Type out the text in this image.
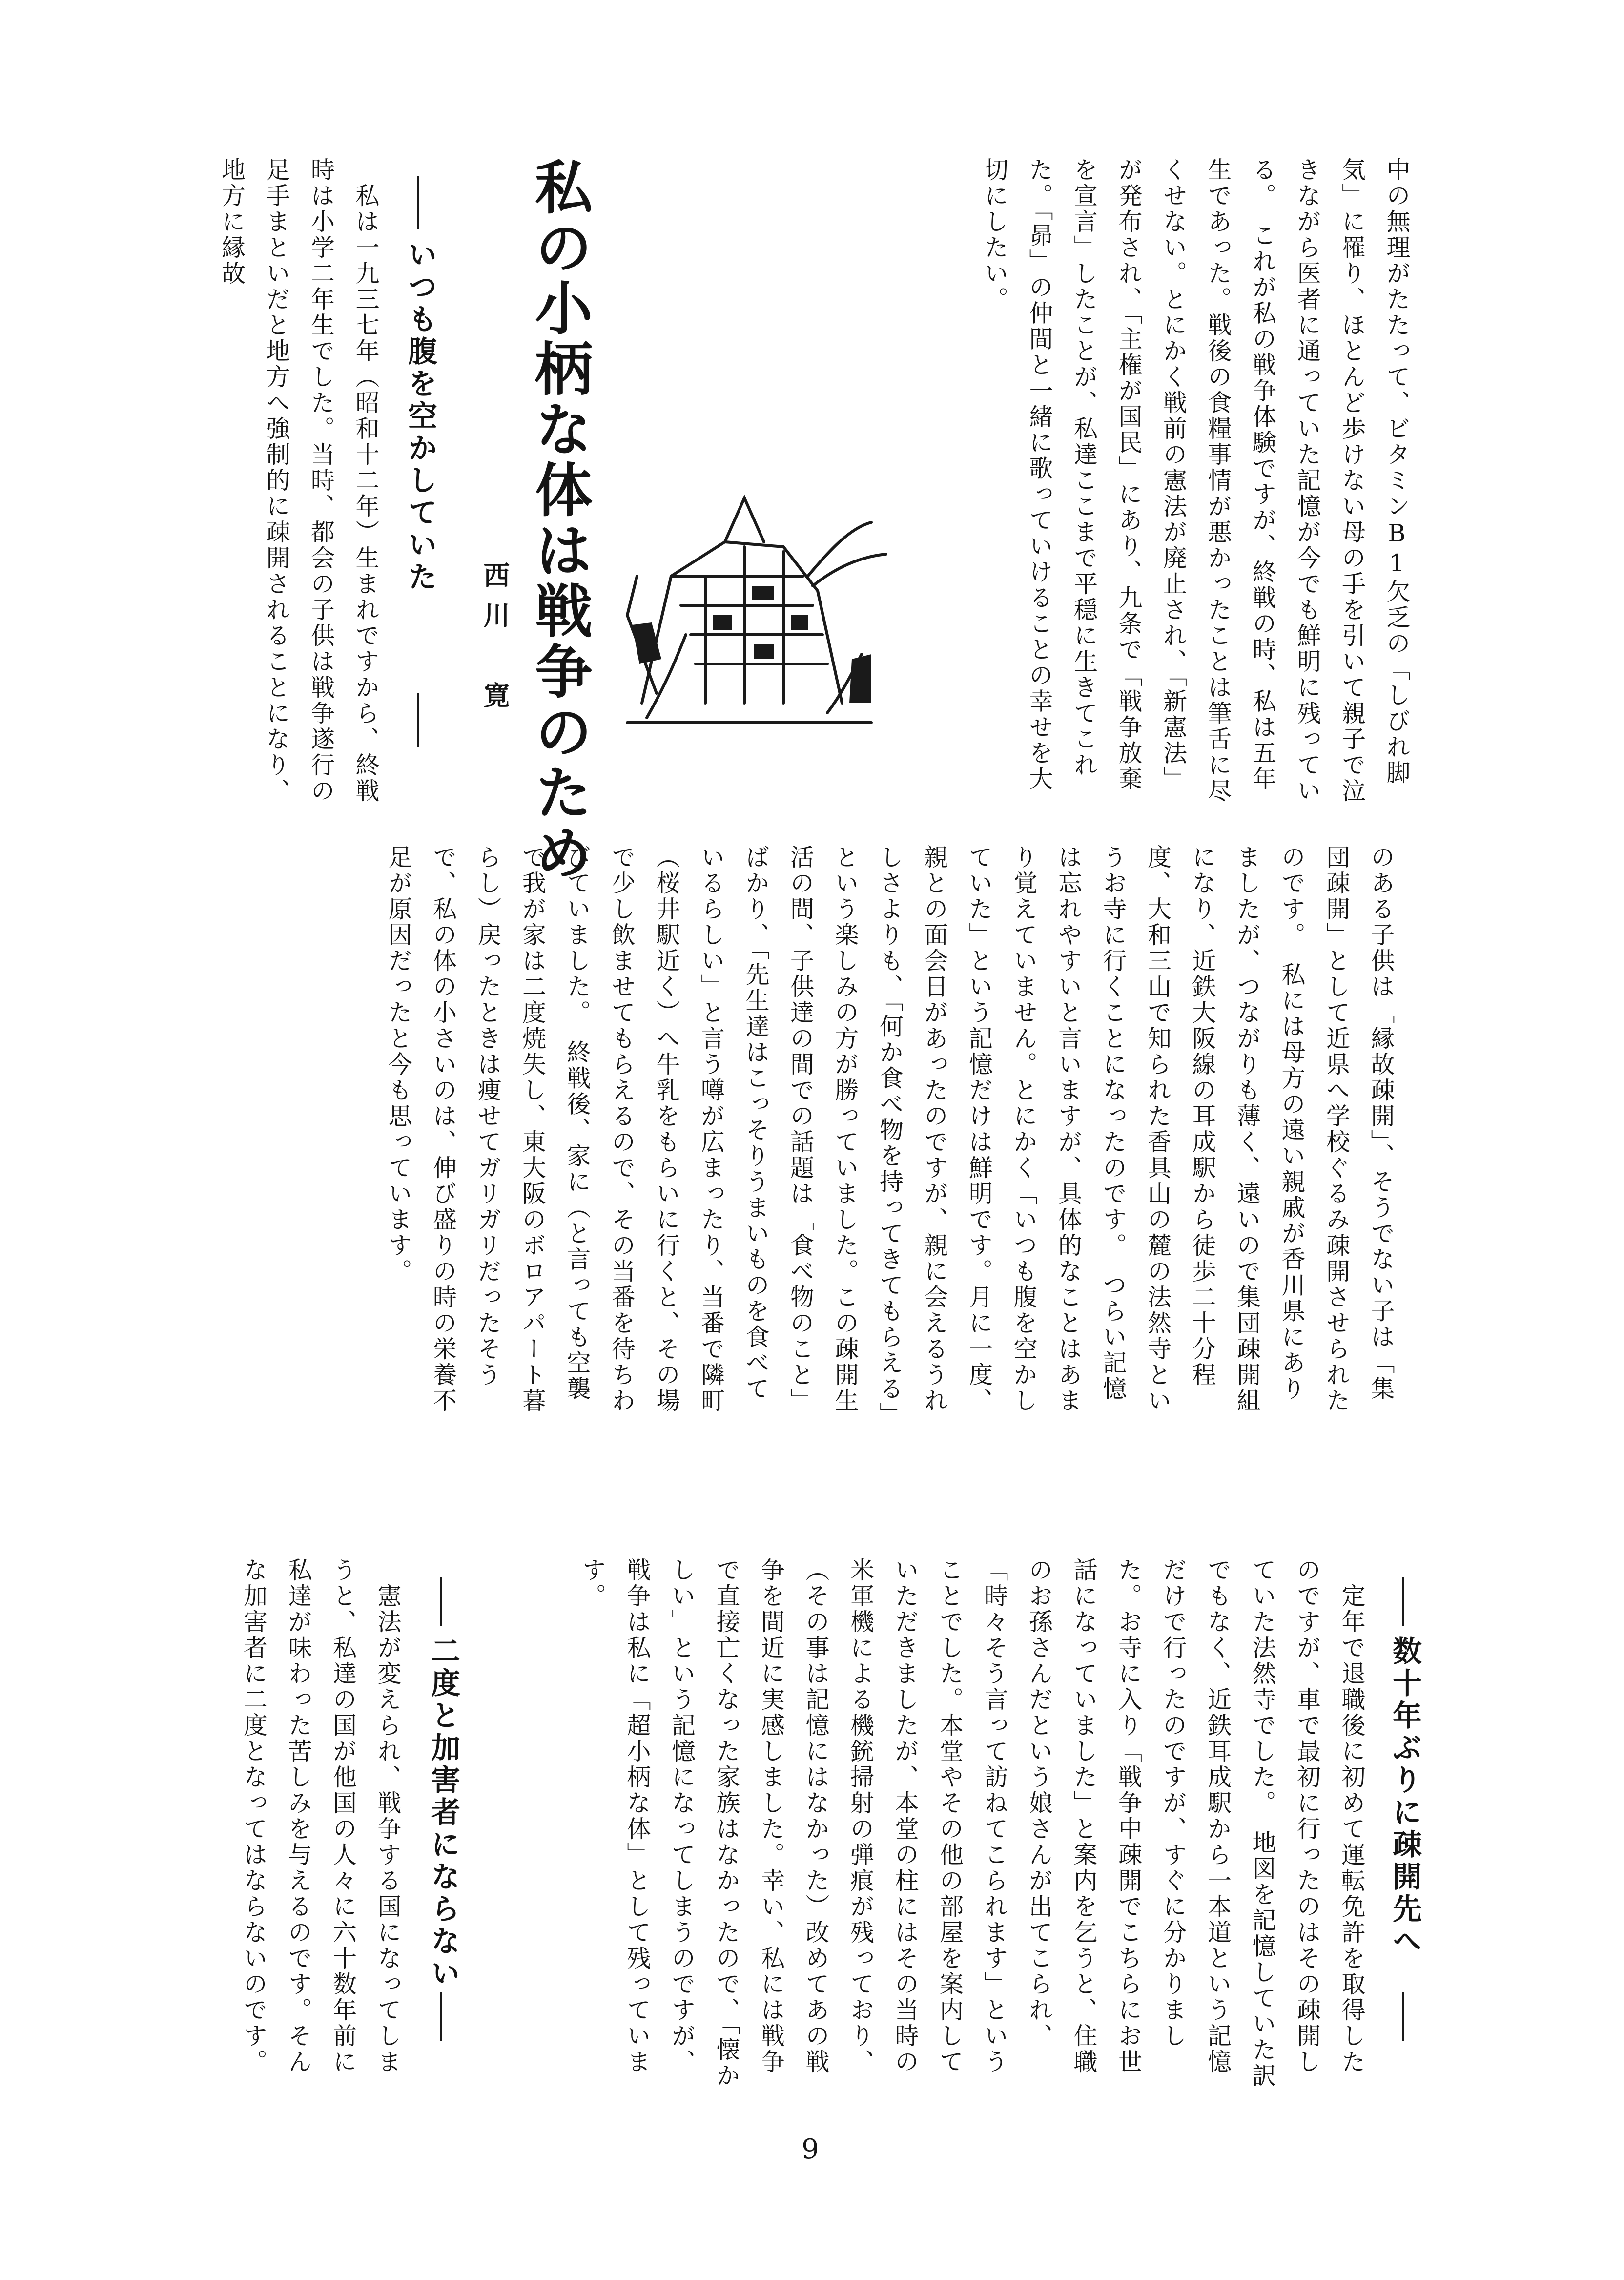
中の無理がたたって、ビタミンB1欠乏の「しびれ脚気」に罹り、ほとんど歩けない母の手を引いて親子で泣きながら医者に通っていた記憶が今でも鮮明に残っている。　これが私の戦争体験ですが、終戦の時、私は五年生であった。戦後の食糧事情が悪かったことは筆舌に尽くせない。とにかく戦前の憲法が廃止され、「新憲法」が発布され、「主権が国民」にあり、九条で「戦争放棄を宣言」したことが、私達ここまで平穏に生きてこれた。「昴」の仲間と一緒に歌っていけることの幸せを大切にしたい。

私の小柄な体は戦争のため
西川　寛
いつも腹を空かしていた

　私は一九三七年（昭和十二年）生まれですから、終戦時は小学二年生でした。当時、都会の子供は戦争遂行の足手まといだと地方へ強制的に疎開されることになり、地方に縁故

のある子供は「縁故疎開」、そうでない子は「集団疎開」として近県へ学校ぐるみ疎開させられたのです。　私には母方の遠い親戚が香川県にありましたが、つながりも薄く、遠いので集団疎開組になり、近鉄大阪線の耳成駅から徒歩二十分程度、大和三山で知られた香具山の麓の法然寺というお寺に行くことになったのです。　つらい記憶は忘れやすいと言いますが、具体的なことはあまり覚えていません。とにかく「いつも腹を空かしていた」という記憶だけは鮮明です。月に一度、親との面会日があったのですが、親に会えるうれしさよりも、「何か食べ物を持ってきてもらえる」という楽しみの方が勝っていました。この疎開生活の間、子供達の間での話題は「食べ物のこと」ばかり、「先生達はこっそりうまいものを食べているらしい」と言う噂が広まったり、当番で隣町（桜井駅近く）へ牛乳をもらいに行くと、その場で少し飲ませてもらえるので、その当番を待ちわびていました。　終戦後、家に（と言っても空襲で我が家は二度焼失し、東大阪のボロアパート暮らし）戻ったときは痩せてガリガリだったそうで、私の体の小さいのは、伸び盛りの時の栄養不足が原因だったと今も思っています。

数十年ぶりに疎開先へ

　定年で退職後に初めて運転免許を取得したのですが、車で最初に行ったのはその疎開していた法然寺でした。　地図を記憶していた訳でもなく、近鉄耳成駅から一本道という記憶だけで行ったのですが、すぐに分かりました。お寺に入り「戦争中疎開でこちらにお世話になっていました」と案内を乞うと、住職のお孫さんだという娘さんが出てこられ、「時々そう言って訪ねてこられます」ということでした。本堂やその他の部屋を案内していただきましたが、本堂の柱にはその当時の米軍機による機銃掃射の弾痕が残っており、（その事は記憶にはなかった）改めてあの戦争を間近に実感しました。幸い、私には戦争で直接亡くなった家族はなかったので、「懐かしい」という記憶になってしまうのですが、戦争は私に「超小柄な体」として残っています。

二度と加害者にならない

　憲法が変えられ、戦争する国になってしまうと、私達の国が他国の人々に六十数年前に私達が味わった苦しみを与えるのです。そんな加害者に二度となってはならないのです。

9
